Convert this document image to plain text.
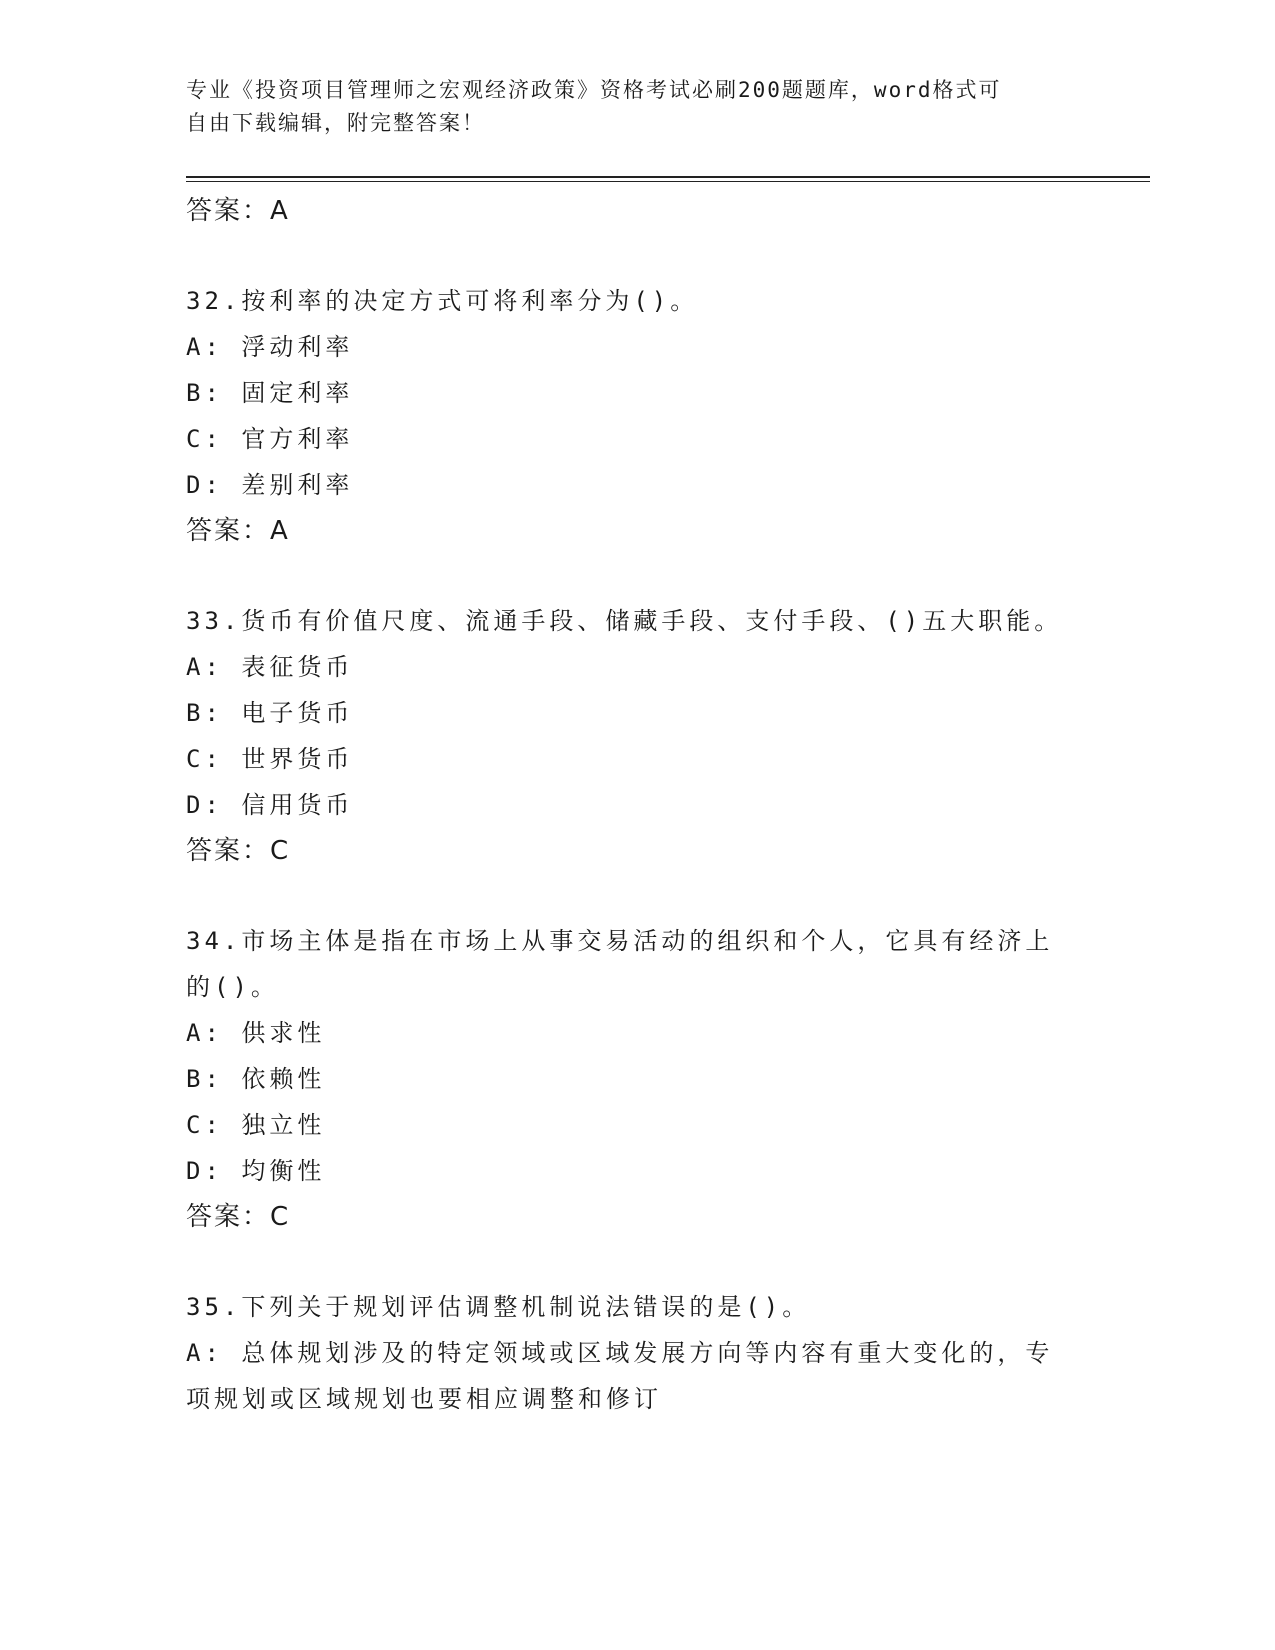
专业《投资项目管理师之宏观经济政策》资格考试必刷200题题库，word格式可
自由下载编辑，附完整答案！
答案：A
32.按利率的决定方式可将利率分为()。
A: 浮动利率
B: 固定利率
C: 官方利率
D: 差别利率
答案：A
33.货币有价值尺度、流通手段、储藏手段、支付手段、()五大职能。
A: 表征货币
B: 电子货币
C: 世界货币
D: 信用货币
答案：C
34.市场主体是指在市场上从事交易活动的组织和个人，它具有经济上
的()。
A: 供求性
B: 依赖性
C: 独立性
D: 均衡性
答案：C
35.下列关于规划评估调整机制说法错误的是()。
A: 总体规划涉及的特定领域或区域发展方向等内容有重大变化的，专
项规划或区域规划也要相应调整和修订
